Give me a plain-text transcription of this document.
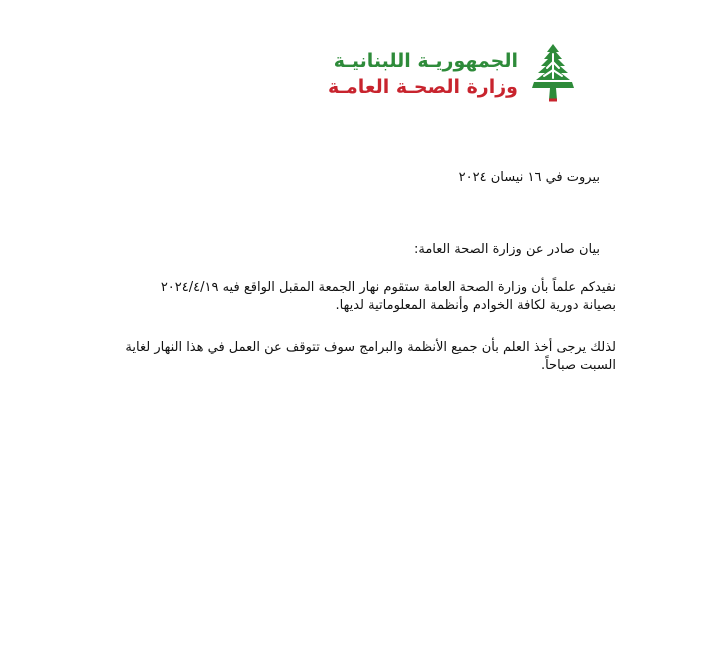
الجمهوريـة اللبنانيـة
وزارة الصحـة العامـة
بيروت في ١٦ نيسان ٢٠٢٤
بيان صادر عن وزارة الصحة العامة:
نفيدكم علماً بأن وزارة الصحة العامة ستقوم نهار الجمعة المقبل الواقع فيه ٢٠٢٤/٤/١٩
بصيانة دورية لكافة الخوادم وأنظمة المعلوماتية لديها.
لذلك يرجى أخذ العلم بأن جميع الأنظمة والبرامج سوف تتوقف عن العمل في هذا النهار لغاية
السبت صباحاً.
